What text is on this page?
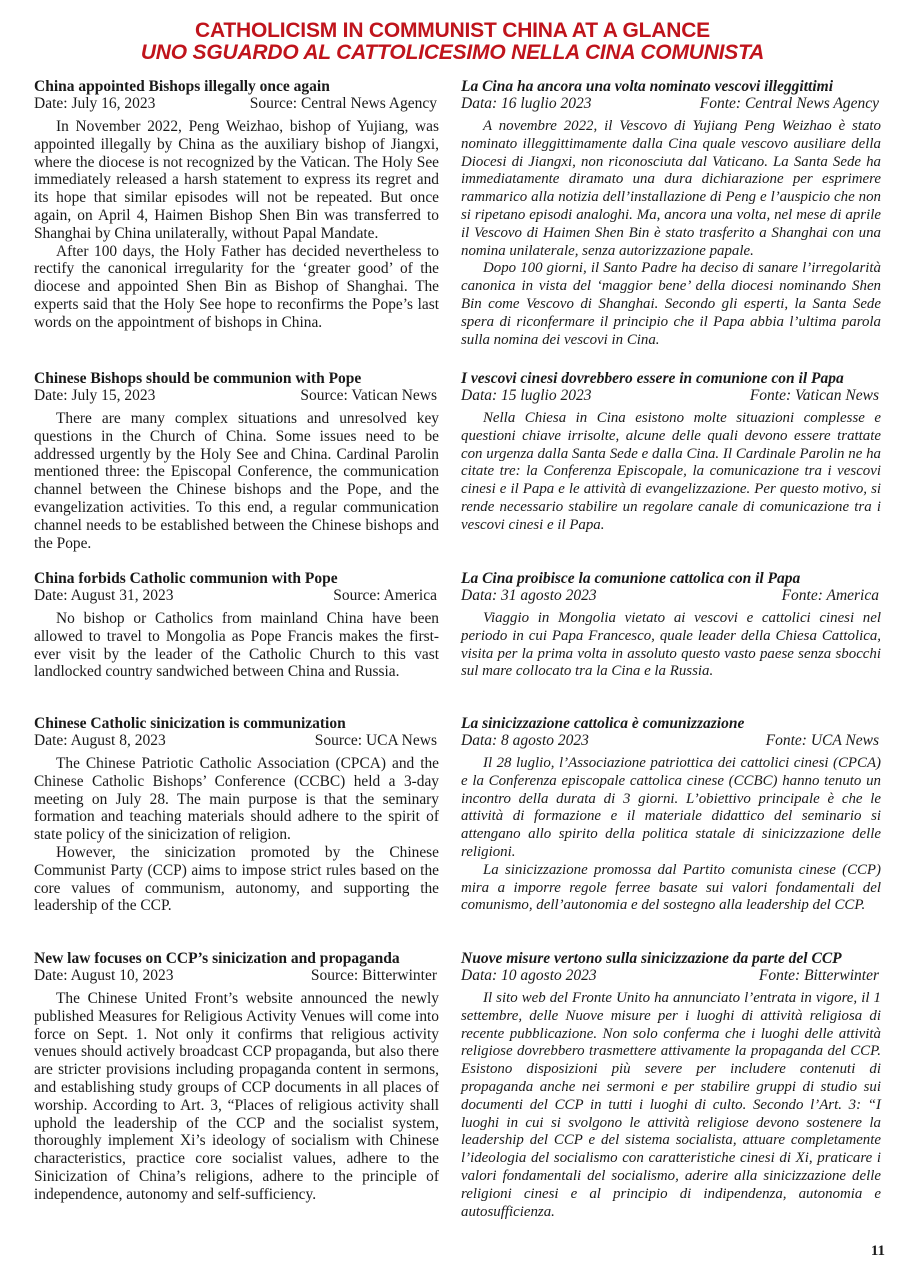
CATHOLICISM IN COMMUNIST CHINA AT A GLANCE
UNO SGUARDO AL CATTOLICESIMO NELLA CINA COMUNISTA
China appointed Bishops illegally once again
Date: July 16, 2023	Source: Central News Agency

In November 2022, Peng Weizhao, bishop of Yujiang, was appointed illegally by China as the auxiliary bishop of Jiangxi, where the diocese is not recognized by the Vatican. The Holy See immediately released a harsh statement to express its regret and its hope that similar episodes will not be repeated. But once again, on April 4, Haimen Bishop Shen Bin was transferred to Shanghai by China unilaterally, without Papal Mandate.

After 100 days, the Holy Father has decided nevertheless to rectify the canonical irregularity for the ‘greater good’ of the diocese and appointed Shen Bin as Bishop of Shanghai. The experts said that the Holy See hope to reconfirms the Pope’s last words on the appointment of bishops in China.

Chinese Bishops should be communion with Pope
Date: July 15, 2023	Source: Vatican News

There are many complex situations and unresolved key questions in the Church of China. Some issues need to be addressed urgently by the Holy See and China. Cardinal Parolin mentioned three: the Episcopal Conference, the communication channel between the Chinese bishops and the Pope, and the evangelization activities. To this end, a regular communication channel needs to be established between the Chinese bishops and the Pope.

China forbids Catholic communion with Pope
Date: August 31, 2023	Source: America

No bishop or Catholics from mainland China have been allowed to travel to Mongolia as Pope Francis makes the first-ever visit by the leader of the Catholic Church to this vast landlocked country sandwiched between China and Russia.

Chinese Catholic sinicization is communization
Date: August 8, 2023	Source: UCA News

The Chinese Patriotic Catholic Association (CPCA) and the Chinese Catholic Bishops’ Conference (CCBC) held a 3-day meeting on July 28. The main purpose is that the seminary formation and teaching materials should adhere to the spirit of state policy of the sinicization of religion.

However, the sinicization promoted by the Chinese Communist Party (CCP) aims to impose strict rules based on the core values of communism, autonomy, and supporting the leadership of the CCP.

New law focuses on CCP’s sinicization and propaganda
Date: August 10, 2023	Source: Bitterwinter

The Chinese United Front’s website announced the newly published Measures for Religious Activity Venues will come into force on Sept. 1. Not only it confirms that religious activity venues should actively broadcast CCP propaganda, but also there are stricter provisions including propaganda content in sermons, and establishing study groups of CCP documents in all places of worship. According to Art. 3, “Places of religious activity shall uphold the leadership of the CCP and the socialist system, thoroughly implement Xi’s ideology of socialism with Chinese characteristics, practice core socialist values, adhere to the Sinicization of China’s religions, adhere to the principle of independence, autonomy and self-sufficiency.

La Cina ha ancora una volta nominato vescovi illeggittimi
Data: 16 luglio 2023	Fonte: Central News Agency

A novembre 2022, il Vescovo di Yujiang Peng Weizhao è stato nominato illeggittimamente dalla Cina quale vescovo ausiliare della Diocesi di Jiangxi, non riconosciuta dal Vaticano. La Santa Sede ha immediatamente diramato una dura dichiarazione per esprimere rammarico alla notizia dell’installazione di Peng e l’auspicio che non si ripetano episodi analoghi. Ma, ancora una volta, nel mese di aprile il Vescovo di Haimen Shen Bin è stato trasferito a Shanghai con una nomina unilaterale, senza autorizzazione papale.

Dopo 100 giorni, il Santo Padre ha deciso di sanare l’irregolarità canonica in vista del ‘maggior bene’ della diocesi nominando Shen Bin come Vescovo di Shanghai. Secondo gli esperti, la Santa Sede spera di riconfermare il principio che il Papa abbia l’ultima parola sulla nomina dei vescovi in Cina.

I vescovi cinesi dovrebbero essere in comunione con il Papa
Data: 15 luglio 2023	Fonte: Vatican News

Nella Chiesa in Cina esistono molte situazioni complesse e questioni chiave irrisolte, alcune delle quali devono essere trattate con urgenza dalla Santa Sede e dalla Cina. Il Cardinale Parolin ne ha citate tre: la Conferenza Episcopale, la comunicazione tra i vescovi cinesi e il Papa e le attività di evangelizzazione. Per questo motivo, si rende necessario stabilire un regolare canale di comunicazione tra i vescovi cinesi e il Papa.

La Cina proibisce la comunione cattolica con il Papa
Data: 31 agosto 2023	Fonte: America

Viaggio in Mongolia vietato ai vescovi e cattolici cinesi nel periodo in cui Papa Francesco, quale leader della Chiesa Cattolica, visita per la prima volta in assoluto questo vasto paese senza sbocchi sul mare collocato tra la Cina e la Russia.

La sinicizzazione cattolica è comunizzazione
Data: 8 agosto 2023	Fonte: UCA News

Il 28 luglio, l’Associazione patriottica dei cattolici cinesi (CPCA) e la Conferenza episcopale cattolica cinese (CCBC) hanno tenuto un incontro della durata di 3 giorni. L’obiettivo principale è che le attività di formazione e il materiale didattico del seminario si attengano allo spirito della politica statale di sinicizzazione delle religioni.

La sinicizzazione promossa dal Partito comunista cinese (CCP) mira a imporre regole ferree basate sui valori fondamentali del comunismo, dell’autonomia e del sostegno alla leadership del CCP.

Nuove misure vertono sulla sinicizzazione da parte del CCP
Data: 10 agosto 2023	Fonte: Bitterwinter

Il sito web del Fronte Unito ha annunciato l’entrata in vigore, il 1 settembre, delle Nuove misure per i luoghi di attività religiosa di recente pubblicazione. Non solo conferma che i luoghi delle attività religiose dovrebbero trasmettere attivamente la propaganda del CCP. Esistono disposizioni più severe per includere contenuti di propaganda anche nei sermoni e per stabilire gruppi di studio sui documenti del CCP in tutti i luoghi di culto. Secondo l’Art. 3: “I luoghi in cui si svolgono le attività religiose devono sostenere la leadership del CCP e del sistema socialista, attuare completamente l’ideologia del socialismo con caratteristiche cinesi di Xi, praticare i valori fondamentali del socialismo, aderire alla sinicizzazione delle religioni cinesi e al principio di indipendenza, autonomia e autosufficienza.

11
